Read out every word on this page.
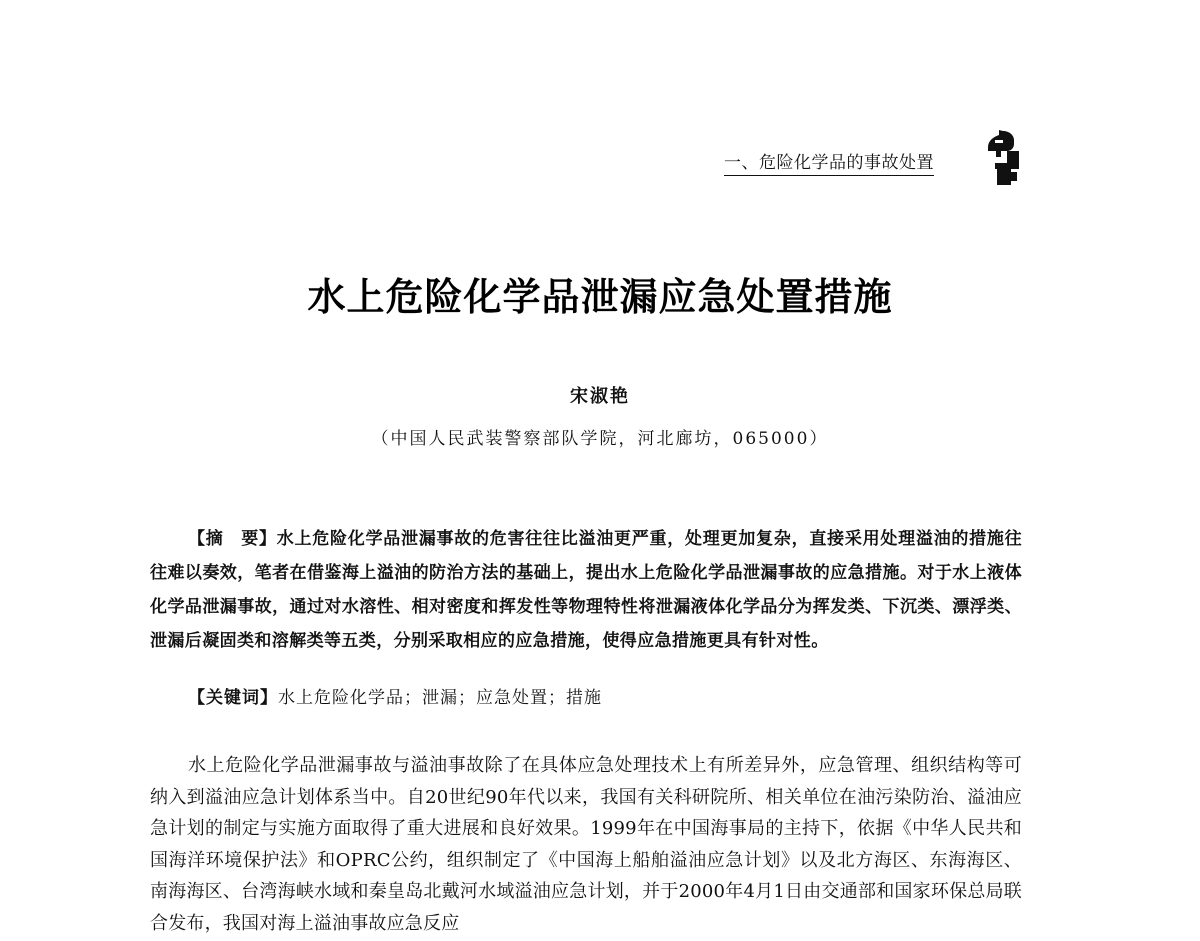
一、危险化学品的事故处置
水上危险化学品泄漏应急处置措施
宋淑艳
（中国人民武装警察部队学院，河北廊坊，065000）

【摘　要】水上危险化学品泄漏事故的危害往往比溢油更严重，处理更加复杂，直接采用处理溢油的措施往往难以奏效，笔者在借鉴海上溢油的防治方法的基础上，提出水上危险化学品泄漏事故的应急措施。对于水上液体化学品泄漏事故，通过对水溶性、相对密度和挥发性等物理特性将泄漏液体化学品分为挥发类、下沉类、漂浮类、泄漏后凝固类和溶解类等五类，分别采取相应的应急措施，使得应急措施更具有针对性。

【关键词】水上危险化学品；泄漏；应急处置；措施

水上危险化学品泄漏事故与溢油事故除了在具体应急处理技术上有所差异外，应急管理、组织结构等可纳入到溢油应急计划体系当中。自20世纪90年代以来，我国有关科研院所、相关单位在油污染防治、溢油应急计划的制定与实施方面取得了重大进展和良好效果。1999年在中国海事局的主持下，依据《中华人民共和国海洋环境保护法》和OPRC公约，组织制定了《中国海上船舶溢油应急计划》以及北方海区、东海海区、南海海区、台湾海峡水域和秦皇岛北戴河水域溢油应急计划，并于2000年4月1日由交通部和国家环保总局联合发布，我国对海上溢油事故应急反应
